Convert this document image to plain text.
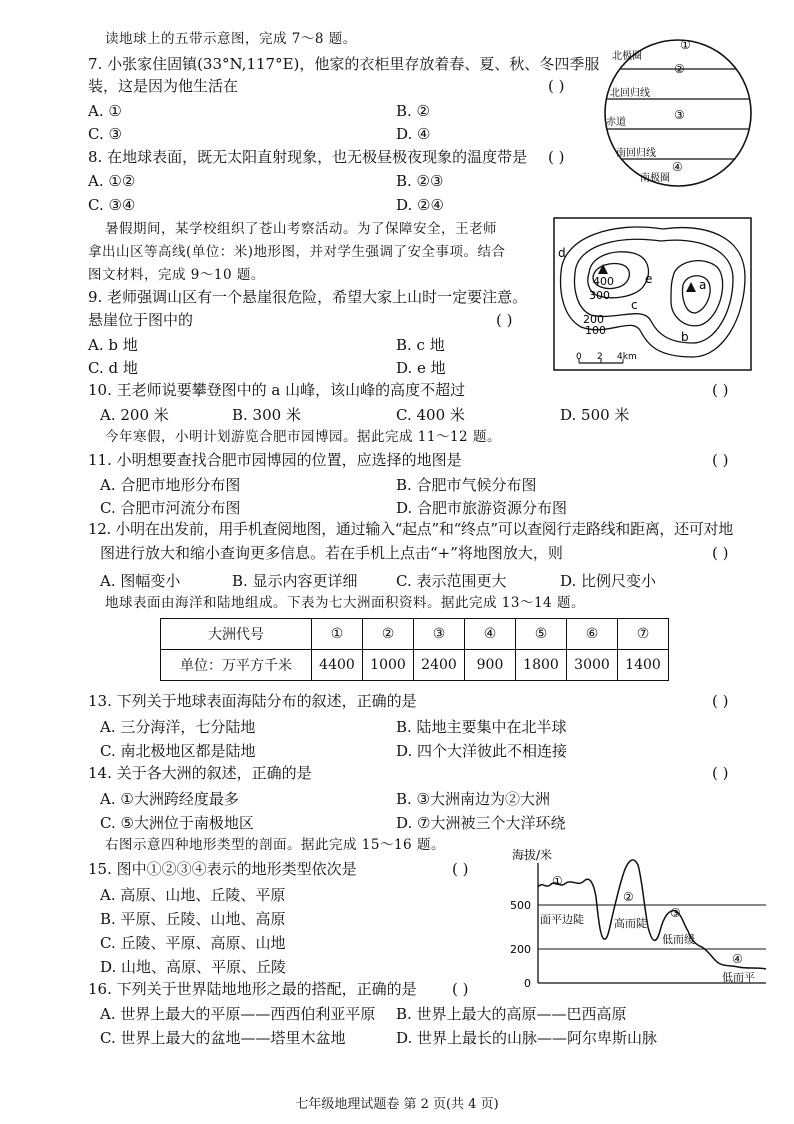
读地球上的五带示意图，完成 7～8 题。
7. 小张家住固镇(33°N,117°E)，他家的衣柜里存放着春、夏、秋、冬四季服
装，这是因为他生活在	( )
A. ①	B. ②
C. ③	D. ④
8. 在地球表面，既无太阳直射现象，也无极昼极夜现象的温度带是 ( )
A. ①②	B. ②③
C. ③④	D. ②④
①
北极圈
②
北回归线
③
赤道
南回归线
④
南极圈
暑假期间，某学校组织了苍山考察活动。为了保障安全，王老师
拿出山区等高线(单位：米)地形图，并对学生强调了安全事项。结合
图文材料，完成 9～10 题。
9. 老师强调山区有一个悬崖很危险，希望大家上山时一定要注意。
悬崖位于图中的	( )
A. b 地	B. c 地
C. d 地	D. e 地
400
300
200
100
a
b
c
d
e
0 2 4km
10. 王老师说要攀登图中的 a 山峰，该山峰的高度不超过	( )
A. 200 米	B. 300 米	C. 400 米	D. 500 米
今年寒假，小明计划游览合肥市园博园。据此完成 11～12 题。
11. 小明想要查找合肥市园博园的位置，应选择的地图是	( )
A. 合肥市地形分布图	B. 合肥市气候分布图
C. 合肥市河流分布图	D. 合肥市旅游资源分布图
12. 小明在出发前，用手机查阅地图，通过输入“起点”和“终点”可以查阅行走路线和距离，还可对地
图进行放大和缩小查询更多信息。若在手机上点击“+”将地图放大，则	( )
A. 图幅变小	B. 显示内容更详细	C. 表示范围更大	D. 比例尺变小
地球表面由海洋和陆地组成。下表为七大洲面积资料。据此完成 13～14 题。
大洲代号	①	②	③	④	⑤	⑥	⑦
单位：万平方千米	4400	1000	2400	900	1800	3000	1400
13. 下列关于地球表面海陆分布的叙述，正确的是	( )
A. 三分海洋，七分陆地	B. 陆地主要集中在北半球
C. 南北极地区都是陆地	D. 四个大洋彼此不相连接
14. 关于各大洲的叙述，正确的是	( )
A. ①大洲跨经度最多	B. ③大洲南边为②大洲
C. ⑤大洲位于南极地区	D. ⑦大洲被三个大洋环绕
右图示意四种地形类型的剖面。据此完成 15～16 题。
15. 图中①②③④表示的地形类型依次是	( )
A. 高原、山地、丘陵、平原
B. 平原、丘陵、山地、高原
C. 丘陵、平原、高原、山地
D. 山地、高原、平原、丘陵
海拔/米
500
200
0
①
②
③
④
面平边陡	高而陡
低而缓
低而平
16. 下列关于世界陆地地形之最的搭配，正确的是 ( )
A. 世界上最大的平原——西西伯利亚平原 B. 世界上最大的高原——巴西高原
C. 世界上最大的盆地——塔里木盆地	D. 世界上最长的山脉——阿尔卑斯山脉
七年级地理试题卷 第 2 页(共 4 页)
